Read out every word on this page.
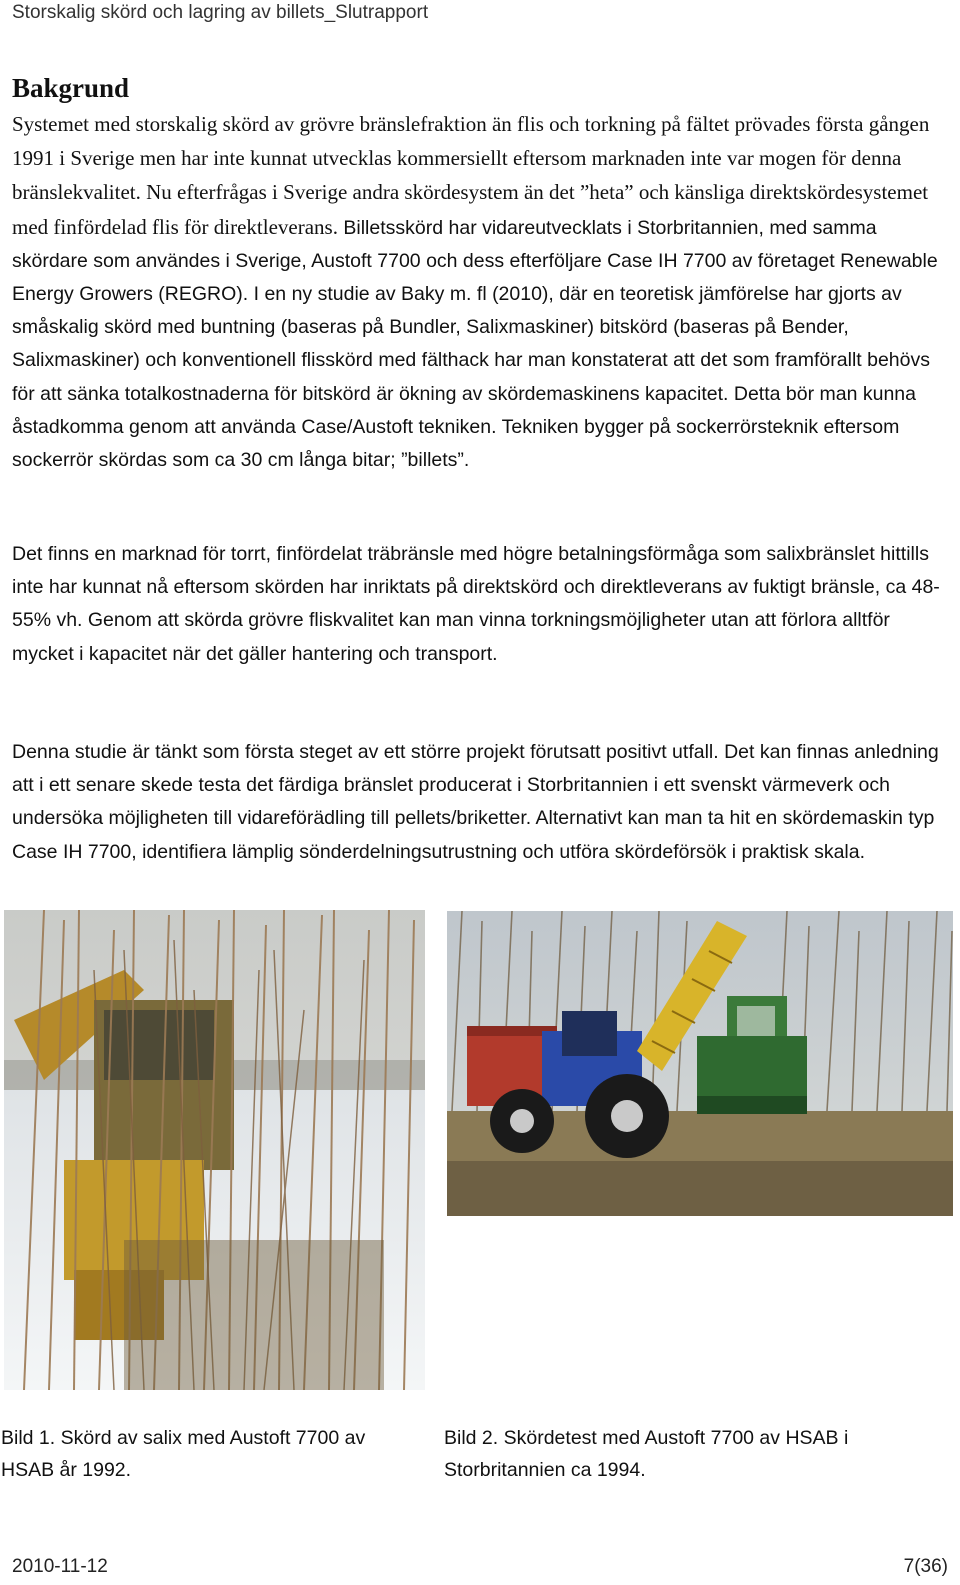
Storskalig skörd och lagring av billets_Slutrapport
Bakgrund

Systemet med storskalig skörd av grövre bränslefraktion än flis och torkning på fältet prövades första gången 1991 i Sverige men har inte kunnat utvecklas kommersiellt eftersom marknaden inte var mogen för denna bränslekvalitet. Nu efterfrågas i Sverige andra skördesystem än det ”heta” och känsliga direktskördesystemet med finfördelad flis för direktleverans. Billetsskörd har vidareutvecklats i Storbritannien, med samma skördare som användes i Sverige, Austoft 7700 och dess efterföljare Case IH 7700 av företaget Renewable Energy Growers (REGRO). I en ny studie av Baky m. fl (2010), där en teoretisk jämförelse har gjorts av småskalig skörd med buntning (baseras på Bundler, Salixmaskiner) bitskörd (baseras på Bender, Salixmaskiner) och konventionell flisskörd med fälthack har man konstaterat att det som framförallt behövs för att sänka totalkostnaderna för bitskörd är ökning av skördemaskinens kapacitet. Detta bör man kunna åstadkomma genom att använda Case/Austoft tekniken. Tekniken bygger på sockerrörsteknik eftersom sockerrör skördas som ca 30 cm långa bitar; ”billets”.

Det finns en marknad för torrt, finfördelat träbränsle med högre betalningsförmåga som salixbränslet hittills inte har kunnat nå eftersom skörden har inriktats på direktskörd och direktleverans av fuktigt bränsle, ca 48-55% vh. Genom att skörda grövre fliskvalitet kan man vinna torkningsmöjligheter utan att förlora alltför mycket i kapacitet när det gäller hantering och transport.

Denna studie är tänkt som första steget av ett större projekt förutsatt positivt utfall. Det kan finnas anledning att i ett senare skede testa det färdiga bränslet producerat i Storbritannien i ett svenskt värmeverk och undersöka möjligheten till vidareförädling till pellets/briketter. Alternativt kan man ta hit en skördemaskin typ Case IH 7700, identifiera lämplig sönderdelningsutrustning och utföra skördeförsök i praktisk skala.

Bild 1. Skörd av salix med Austoft 7700 av HSAB år 1992.

Bild 2. Skördetest med Austoft 7700 av HSAB i Storbritannien ca 1994.

2010-11-12	7(36)
